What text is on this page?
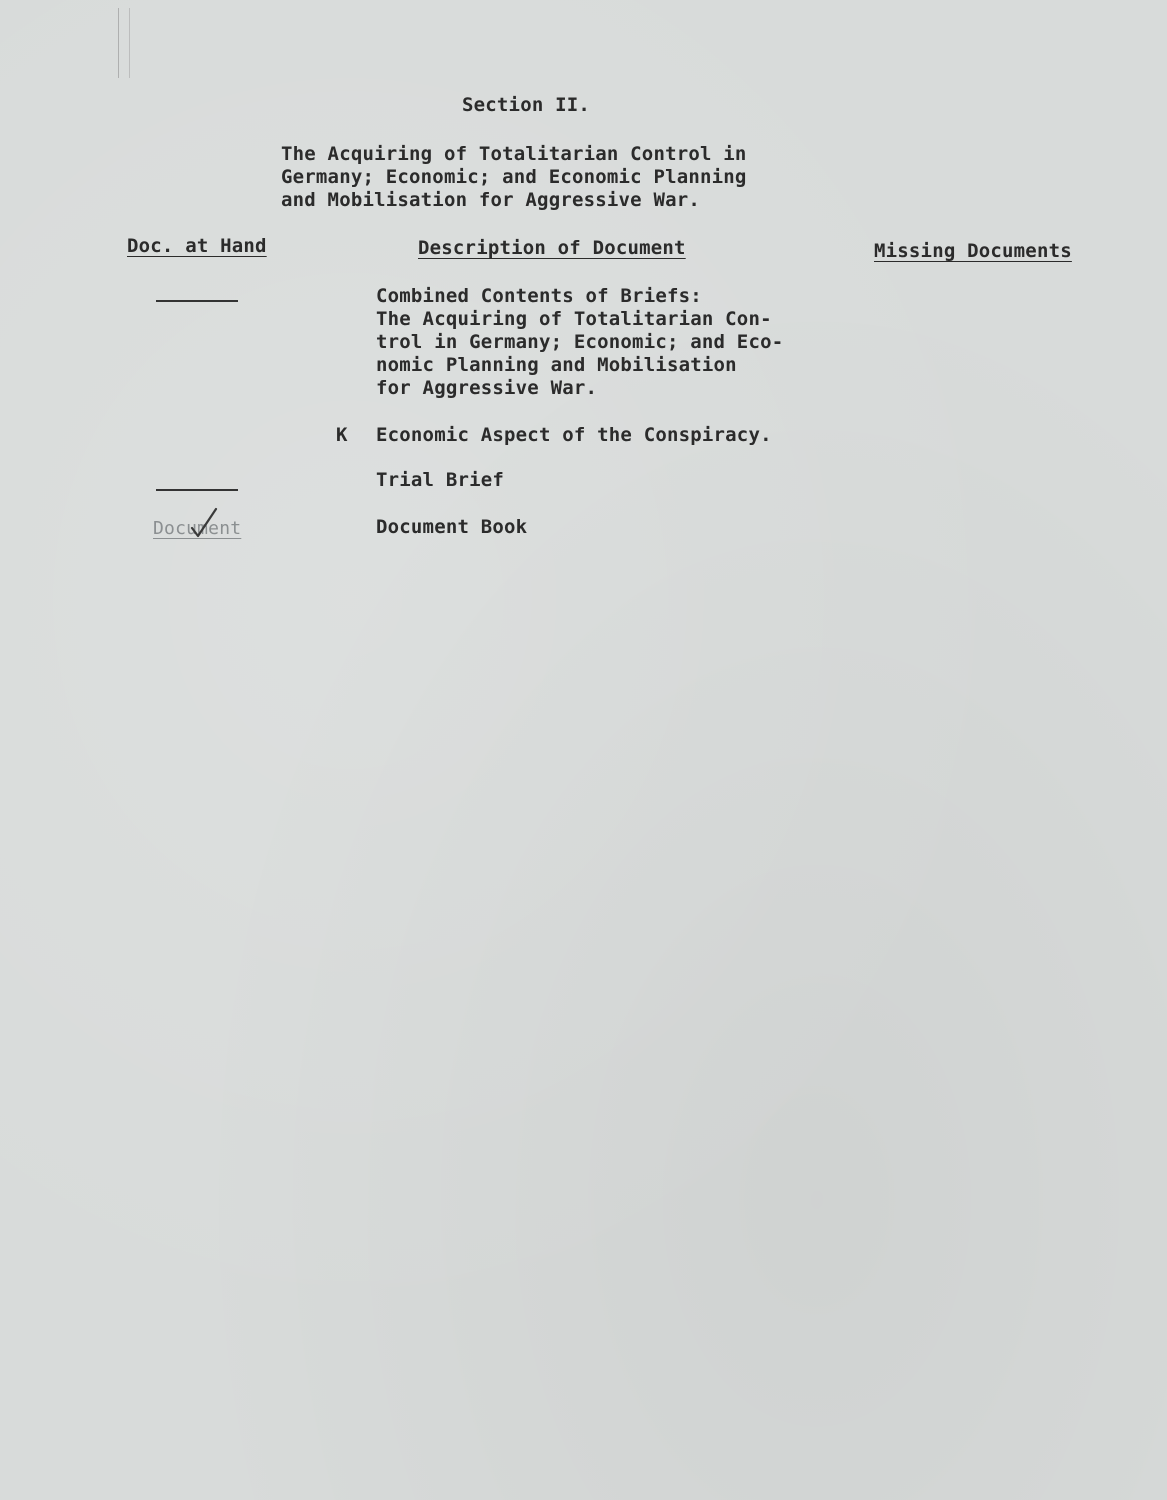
Section II.
The Acquiring of Totalitarian Control in
Germany; Economic; and Economic Planning
and Mobilisation for Aggressive War.
Doc. at Hand	Description of Document	Missing Documents
Combined Contents of Briefs:
The Acquiring of Totalitarian Con-
trol in Germany; Economic; and Eco-
nomic Planning and Mobilisation
for Aggressive War.
K Economic Aspect of the Conspiracy.
Trial Brief
Document	Document Book
